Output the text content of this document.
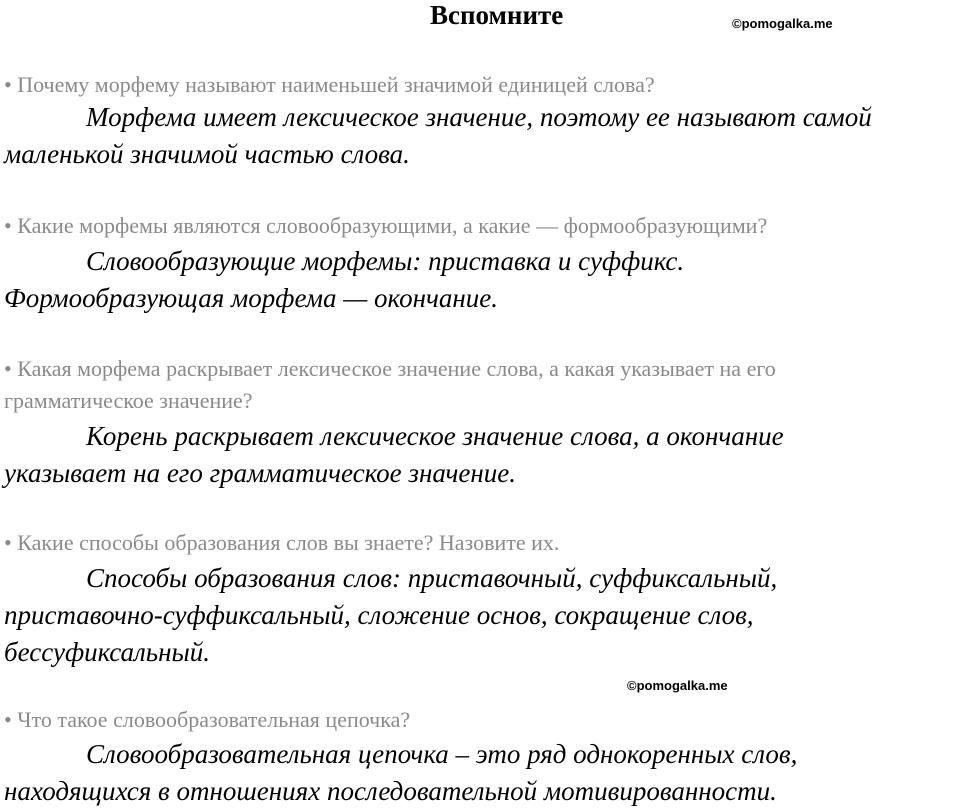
Вспомните	©pomogalka.me
• Почему морфему называют наименьшей значимой единицей слова?
Морфема имеет лексическое значение, поэтому ее называют самой
маленькой значимой частью слова.
• Какие морфемы являются словообразующими, а какие — формообразующими?
Словообразующие морфемы: приставка и суффикс.
Формообразующая морфема — окончание.
• Какая морфема раскрывает лексическое значение слова, а какая указывает на его
грамматическое значение?
Корень раскрывает лексическое значение слова, а окончание
указывает на его грамматическое значение.
• Какие способы образования слов вы знаете? Назовите их.
Способы образования слов: приставочный, суффиксальный,
приставочно-суффиксальный, сложение основ, сокращение слов,
бессуфиксальный.
©pomogalka.me
• Что такое словообразовательная цепочка?
Словообразовательная цепочка – это ряд однокоренных слов,
находящихся в отношениях последовательной мотивированности.
